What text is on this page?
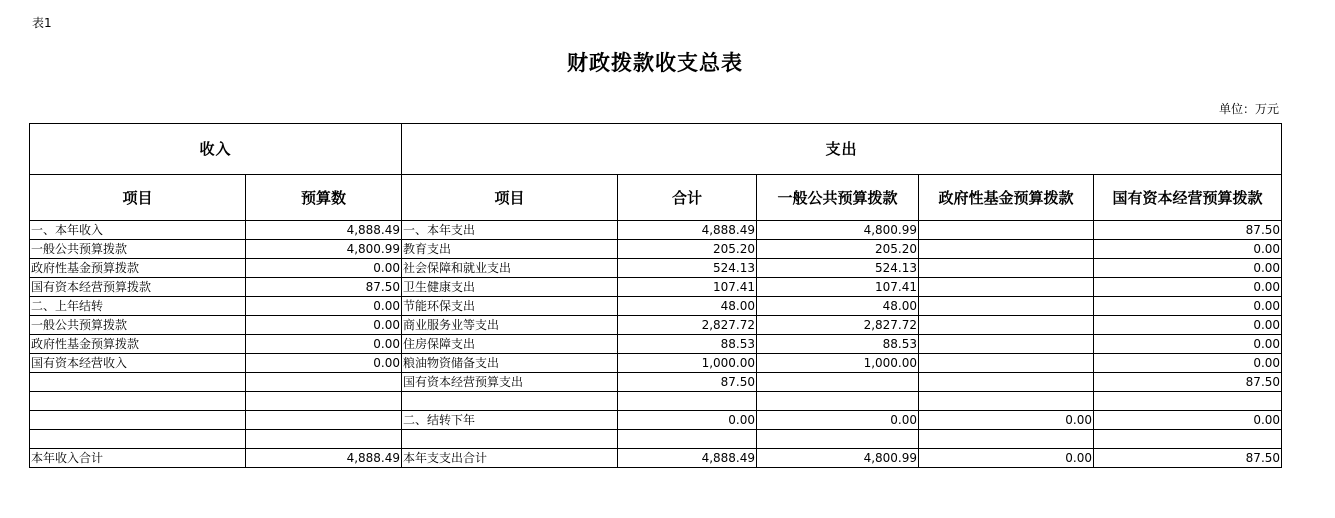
表1
财政拨款收支总表
单位：万元
收入		支出				
项目	预算数	项目	合计	一般公共预算拨款	政府性基金预算拨款	国有资本经营预算拨款
一、本年收入	4,888.49	一、本年支出	4,888.49	4,800.99		87.50
一般公共预算拨款	4,800.99	教育支出	205.20	205.20		0.00
政府性基金预算拨款	0.00	社会保障和就业支出	524.13	524.13		0.00
国有资本经营预算拨款	87.50	卫生健康支出	107.41	107.41		0.00
二、上年结转	0.00	节能环保支出	48.00	48.00		0.00
一般公共预算拨款	0.00	商业服务业等支出	2,827.72	2,827.72		0.00
政府性基金预算拨款	0.00	住房保障支出	88.53	88.53		0.00
国有资本经营收入	0.00	粮油物资储备支出	1,000.00	1,000.00		0.00
		国有资本经营预算支出	87.50			87.50

		二、结转下年	0.00	0.00	0.00	0.00

本年收入合计	4,888.49	本年支支出合计	4,888.49	4,800.99	0.00	87.50
